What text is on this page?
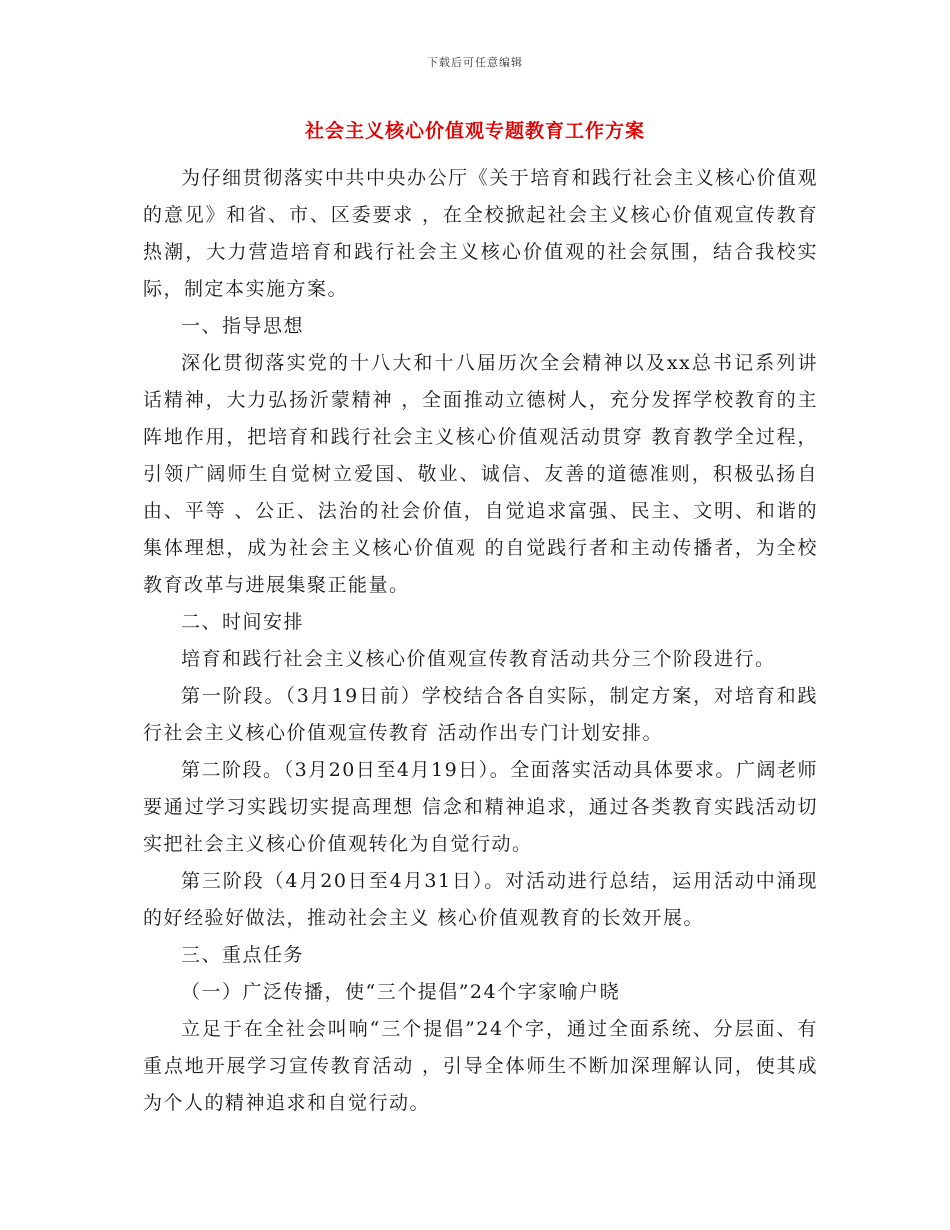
下载后可任意编辑
社会主义核心价值观专题教育工作方案

为仔细贯彻落实中共中央办公厅《关于培育和践行社会主义核心价值观的意见》和省、市、区委要求 ，在全校掀起社会主义核心价值观宣传教育热潮，大力营造培育和践行社会主义核心价值观的社会氛围，结合我校实际，制定本实施方案。

一、指导思想

深化贯彻落实党的十八大和十八届历次全会精神以及xx总书记系列讲话精神，大力弘扬沂蒙精神 ，全面推动立德树人，充分发挥学校教育的主阵地作用，把培育和践行社会主义核心价值观活动贯穿 教育教学全过程，引领广阔师生自觉树立爱国、敬业、诚信、友善的道德准则，积极弘扬自由、平等 、公正、法治的社会价值，自觉追求富强、民主、文明、和谐的集体理想，成为社会主义核心价值观 的自觉践行者和主动传播者，为全校教育改革与进展集聚正能量。

二、时间安排

培育和践行社会主义核心价值观宣传教育活动共分三个阶段进行。

第一阶段。（3月19日前）学校结合各自实际，制定方案，对培育和践行社会主义核心价值观宣传教育 活动作出专门计划安排。

第二阶段。（3月20日至4月19日）。全面落实活动具体要求。广阔老师要通过学习实践切实提高理想 信念和精神追求，通过各类教育实践活动切实把社会主义核心价值观转化为自觉行动。

第三阶段（4月20日至4月31日）。对活动进行总结，运用活动中涌现的好经验好做法，推动社会主义 核心价值观教育的长效开展。

三、重点任务

（一）广泛传播，使“三个提倡”24个字家喻户晓

立足于在全社会叫响“三个提倡”24个字，通过全面系统、分层面、有重点地开展学习宣传教育活动 ，引导全体师生不断加深理解认同，使其成为个人的精神追求和自觉行动。
